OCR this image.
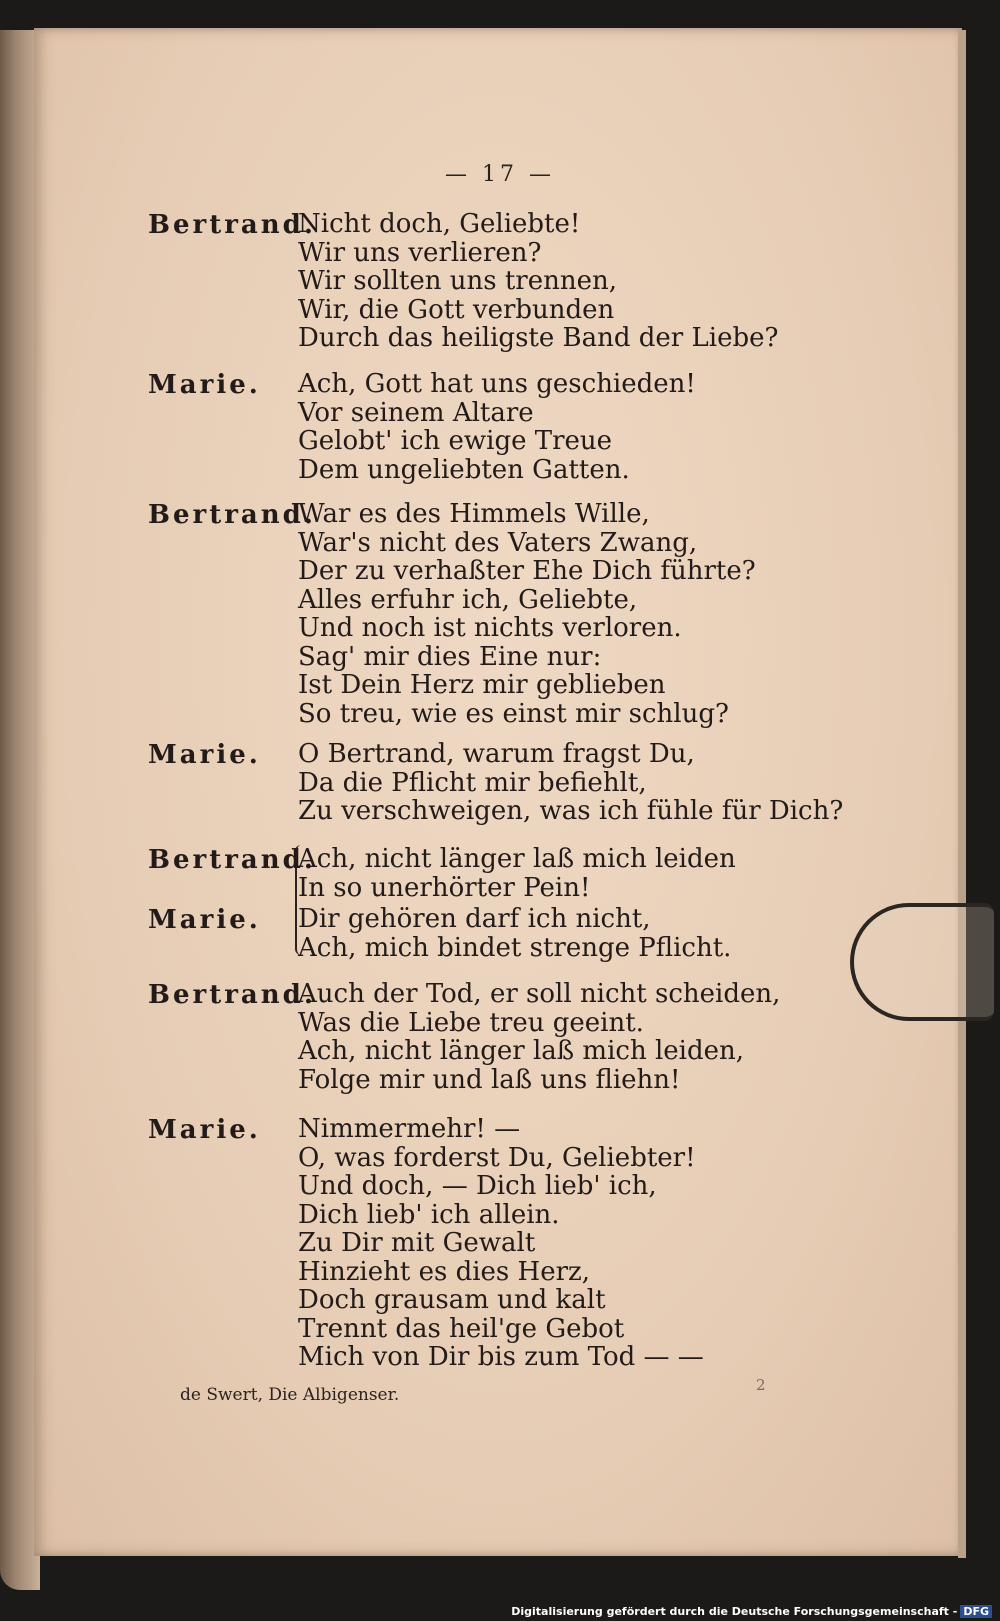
— 17 —
Bertrand.
Nicht doch, Geliebte!
Wir uns verlieren?
Wir sollten uns trennen,
Wir, die Gott verbunden
Durch das heiligste Band der Liebe?
Marie. Ach, Gott hat uns geschieden!
Vor seinem Altare
Gelobt' ich ewige Treue
Dem ungeliebten Gatten.
Bertrand.
War es des Himmels Wille,
War's nicht des Vaters Zwang,
Der zu verhaßter Ehe Dich führte?
Alles erfuhr ich, Geliebte,
Und noch ist nichts verloren.
Sag' mir dies Eine nur:
Ist Dein Herz mir geblieben
So treu, wie es einst mir schlug?
Marie. O Bertrand, warum fragst Du,
Da die Pflicht mir befiehlt,
Zu verschweigen, was ich fühle für Dich?
Bertrand.
Ach, nicht länger laß mich leiden
In so unerhörter Pein!
Marie. Dir gehören darf ich nicht,
Ach, mich bindet strenge Pflicht.
Bertrand.
Auch der Tod, er soll nicht scheiden,
Was die Liebe treu geeint.
Ach, nicht länger laß mich leiden,
Folge mir und laß uns fliehn!
Marie. Nimmermehr! —
O, was forderst Du, Geliebter!
Und doch, — Dich lieb' ich,
Dich lieb' ich allein.
Zu Dir mit Gewalt
Hinzieht es dies Herz,
Doch grausam und kalt
Trennt das heil'ge Gebot
Mich von Dir bis zum Tod — —
de Swert, Die Albigenser.	2
Digitalisierung gefördert durch die Deutsche Forschungsgemeinschaft - DFG
